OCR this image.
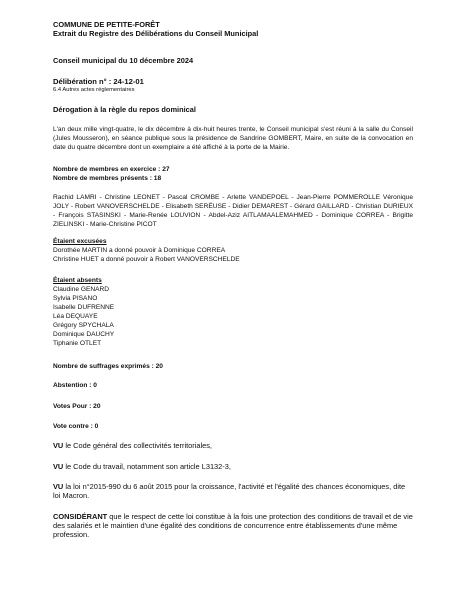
COMMUNE DE PETITE-FORÊT

Extrait du Registre des Délibérations du Conseil Municipal

Conseil municipal du 10 décembre 2024

Délibération n° : 24-12-01

6.4 Autres actes réglementaires

Dérogation à la règle du repos dominical
L'an deux mille vingt-quatre, le dix décembre à dix-huit heures trente, le Conseil municipal s'est réuni à la salle du Conseil (Jules Mousseron), en séance publique sous la présidence de Sandrine GOMBERT, Maire, en suite de la convocation en date du quatre décembre dont un exemplaire a été affiché à la porte de la Mairie.

Nombre de membres en exercice : 27

Nombre de membres présents : 18

Rachid LAMRI - Christine LEONET - Pascal CROMBE - Arlette VANDEPOEL - Jean-Pierre POMMEROLLE Véronique JOLY - Robert VANOVERSCHELDE - Elisabeth SERËUSE - Didier DEMAREST - Gérard GAILLARD - Christian DURIEUX - François STASINSKI - Marie-Renée LOUVION - Abdel-Aziz AITLAMAALEMAHMED - Dominique CORREA - Brigitte ZIELINSKI - Marie-Christine PICOT

Étaient excusées

Dorothée MARTIN a donné pouvoir à Dominique CORREA

Christine HUET a donné pouvoir à Robert VANOVERSCHELDE

Étaient absents

Claudine GENARD

Sylvia PISANO

Isabelle DUFRENNE

Léa DEQUAYE

Grégory SPYCHALA

Dominique DAUCHY

Tiphanie OTLET

Nombre de suffrages exprimés : 20
Abstention : 0
Votes Pour : 20
Vote contre : 0
VU le Code général des collectivités territoriales,
VU le Code du travail, notamment son article L3132-3,
VU la loi n°2015-990 du 6 août 2015 pour la croissance, l'activité et l'égalité des chances économiques, dite loi Macron.
CONSIDÉRANT que le respect de cette loi constitue à la fois une protection des conditions de travail et de vie des salariés et le maintien d'une égalité des conditions de concurrence entre établissements d'une même profession.
